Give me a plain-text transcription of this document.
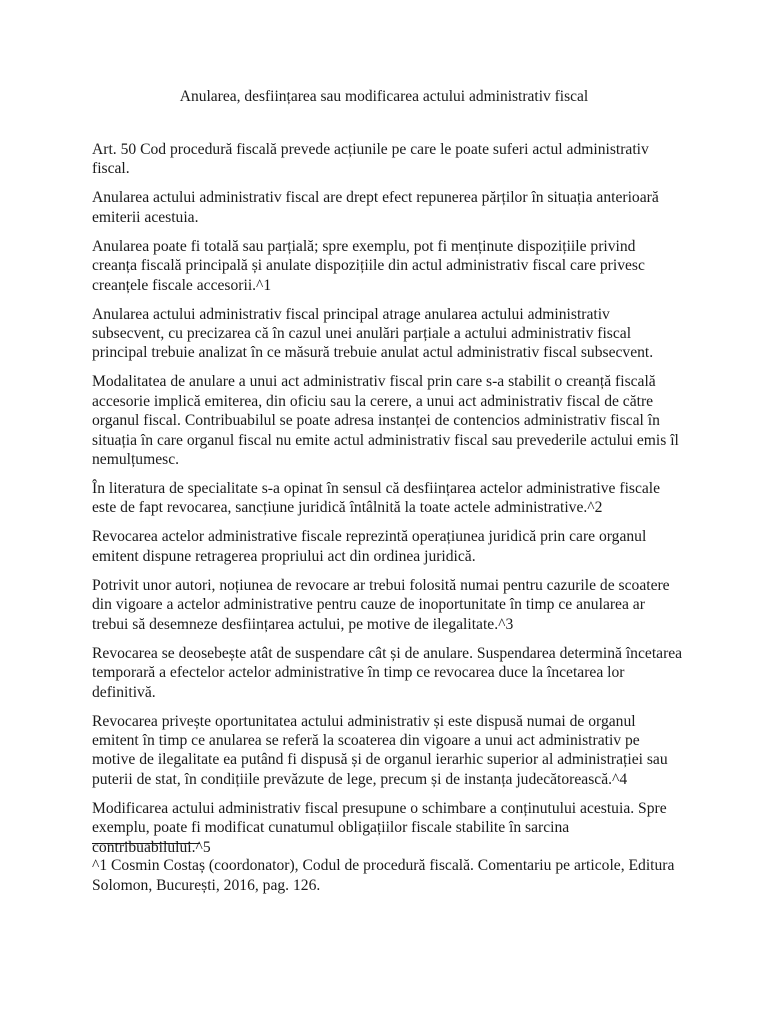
Anularea, desființarea sau modificarea actului administrativ fiscal

Art. 50 Cod procedură fiscală prevede acțiunile pe care le poate suferi actul administrativ fiscal.

Anularea actului administrativ fiscal are drept efect repunerea părților în situația anterioară emiterii acestuia.

Anularea poate fi totală sau parțială; spre exemplu, pot fi menținute dispozițiile privind creanța fiscală principală și anulate dispozițiile din actul administrativ fiscal care privesc creanțele fiscale accesorii.^1

Anularea actului administrativ fiscal principal atrage anularea actului administrativ subsecvent, cu precizarea că în cazul unei anulări parțiale a actului administrativ fiscal principal trebuie analizat în ce măsură trebuie anulat actul administrativ fiscal subsecvent.

Modalitatea de anulare a unui act administrativ fiscal prin care s-a stabilit o creanță fiscală accesorie implică emiterea, din oficiu sau la cerere, a unui act administrativ fiscal de către organul fiscal. Contribuabilul se poate adresa instanței de contencios administrativ fiscal în situația în care organul fiscal nu emite actul administrativ fiscal sau prevederile actului emis îl nemulțumesc.

În literatura de specialitate s-a opinat în sensul că desființarea actelor administrative fiscale este de fapt revocarea, sancțiune juridică întâlnită la toate actele administrative.^2

Revocarea actelor administrative fiscale reprezintă operațiunea juridică prin care organul emitent dispune retragerea propriului act din ordinea juridică.

Potrivit unor autori, noțiunea de revocare ar trebui folosită numai pentru cazurile de scoatere din vigoare a actelor administrative pentru cauze de inoportunitate în timp ce anularea ar trebui să desemneze desființarea actului, pe motive de ilegalitate.^3

Revocarea se deosebește atât de suspendare cât și de anulare. Suspendarea determină încetarea temporară a efectelor actelor administrative în timp ce revocarea duce la încetarea lor definitivă.

Revocarea privește oportunitatea actului administrativ și este dispusă numai de organul emitent în timp ce anularea se referă la scoaterea din vigoare a unui act administrativ pe motive de ilegalitate ea putând fi dispusă și de organul ierarhic superior al administrației sau puterii de stat, în condițiile prevăzute de lege, precum și de instanța judecătorească.^4

Modificarea actului administrativ fiscal presupune o schimbare a conținutului acestuia. Spre exemplu, poate fi modificat cunatumul obligațiilor fiscale stabilite în sarcina contribuabilului.^5

^1 Cosmin Costaș (coordonator), Codul de procedură fiscală. Comentariu pe articole, Editura Solomon, București, 2016, pag. 126.
